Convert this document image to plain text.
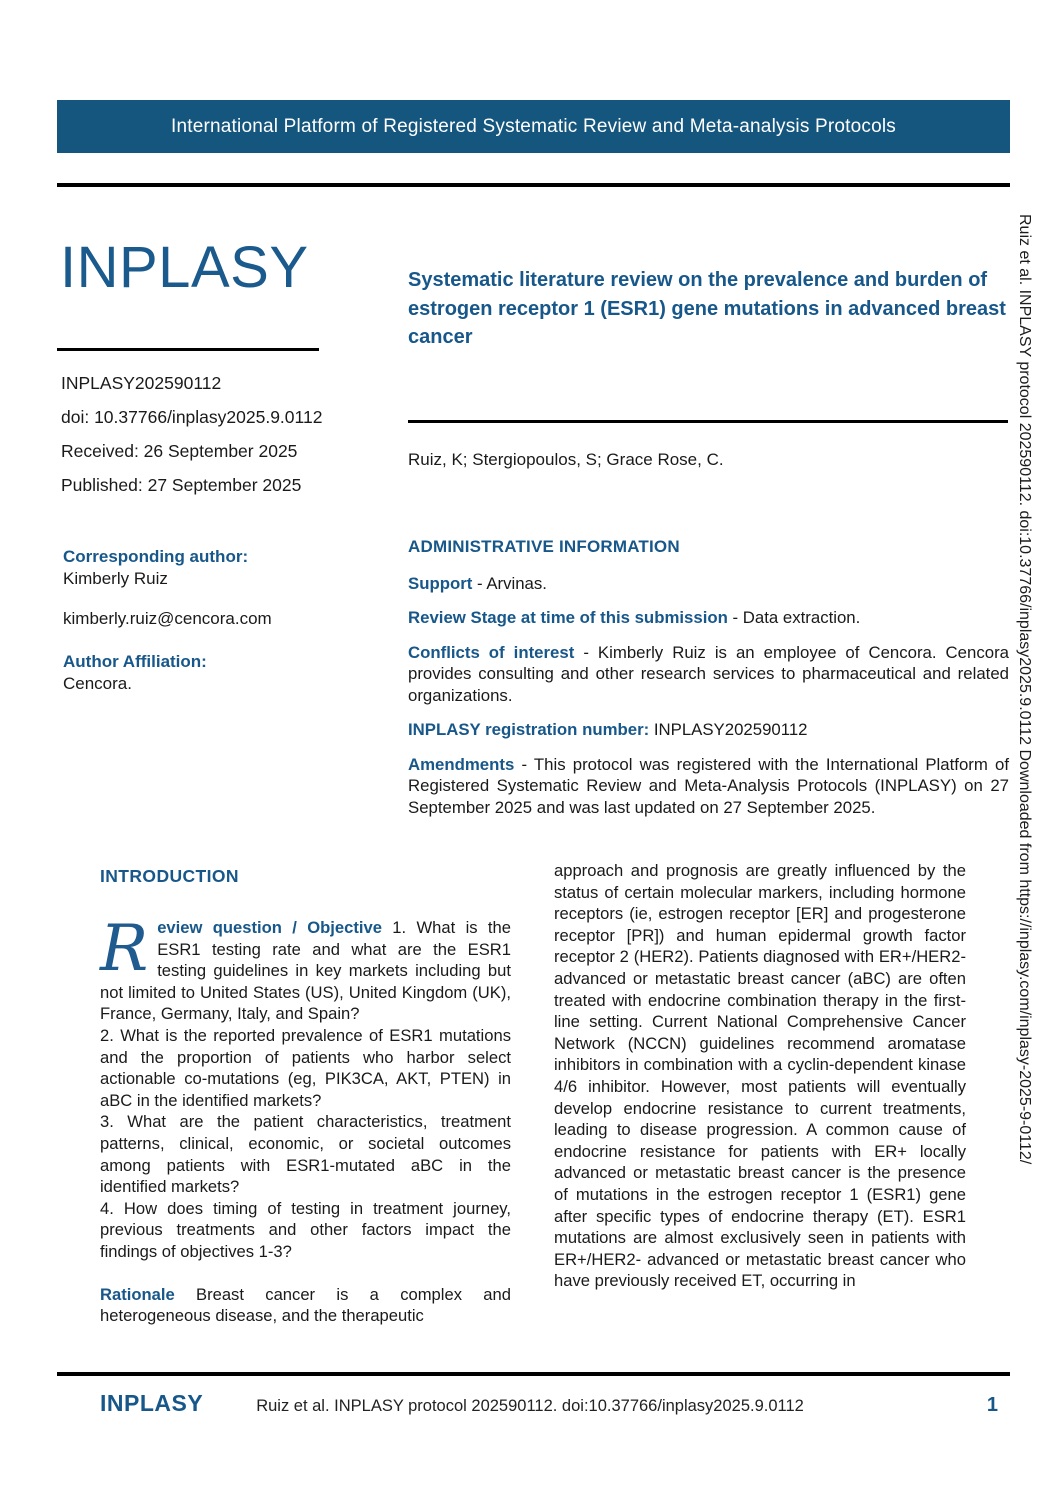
International Platform of Registered Systematic Review and Meta-analysis Protocols
INPLASY
INPLASY202590112
doi: 10.37766/inplasy2025.9.0112
Received: 26 September 2025
Published: 27 September 2025
Corresponding author:
Kimberly Ruiz
kimberly.ruiz@cencora.com
Author Affiliation:
Cencora.
Systematic literature review on the prevalence and burden of estrogen receptor 1 (ESR1) gene mutations in advanced breast cancer
Ruiz, K; Stergiopoulos, S; Grace Rose, C.
ADMINISTRATIVE INFORMATION
Support - Arvinas.
Review Stage at time of this submission - Data extraction.
Conflicts of interest - Kimberly Ruiz is an employee of Cencora. Cencora provides consulting and other research services to pharmaceutical and related organizations.
INPLASY registration number: INPLASY202590112
Amendments - This protocol was registered with the International Platform of Registered Systematic Review and Meta-Analysis Protocols (INPLASY) on 27 September 2025 and was last updated on 27 September 2025.
INTRODUCTION
Review question / Objective 1. What is the ESR1 testing rate and what are the ESR1 testing guidelines in key markets including but not limited to United States (US), United Kingdom (UK), France, Germany, Italy, and Spain?
2. What is the reported prevalence of ESR1 mutations and the proportion of patients who harbor select actionable co-mutations (eg, PIK3CA, AKT, PTEN) in aBC in the identified markets?
3. What are the patient characteristics, treatment patterns, clinical, economic, or societal outcomes among patients with ESR1-mutated aBC in the identified markets?
4. How does timing of testing in treatment journey, previous treatments and other factors impact the findings of objectives 1-3?
Rationale Breast cancer is a complex and heterogeneous disease, and the therapeutic
approach and prognosis are greatly influenced by the status of certain molecular markers, including hormone receptors (ie, estrogen receptor [ER] and progesterone receptor [PR]) and human epidermal growth factor receptor 2 (HER2). Patients diagnosed with ER+/HER2- advanced or metastatic breast cancer (aBC) are often treated with endocrine combination therapy in the first-line setting. Current National Comprehensive Cancer Network (NCCN) guidelines recommend aromatase inhibitors in combination with a cyclin-dependent kinase 4/6 inhibitor. However, most patients will eventually develop endocrine resistance to current treatments, leading to disease progression. A common cause of endocrine resistance for patients with ER+ locally advanced or metastatic breast cancer is the presence of mutations in the estrogen receptor 1 (ESR1) gene after specific types of endocrine therapy (ET). ESR1 mutations are almost exclusively seen in patients with ER+/HER2- advanced or metastatic breast cancer who have previously received ET, occurring in
Ruiz et al. INPLASY protocol 202590112. doi:10.37766/inplasy2025.9.0112 Downloaded from https://inplasy.com/inplasy-2025-9-0112/
INPLASY	Ruiz et al. INPLASY protocol 202590112. doi:10.37766/inplasy2025.9.0112	1
